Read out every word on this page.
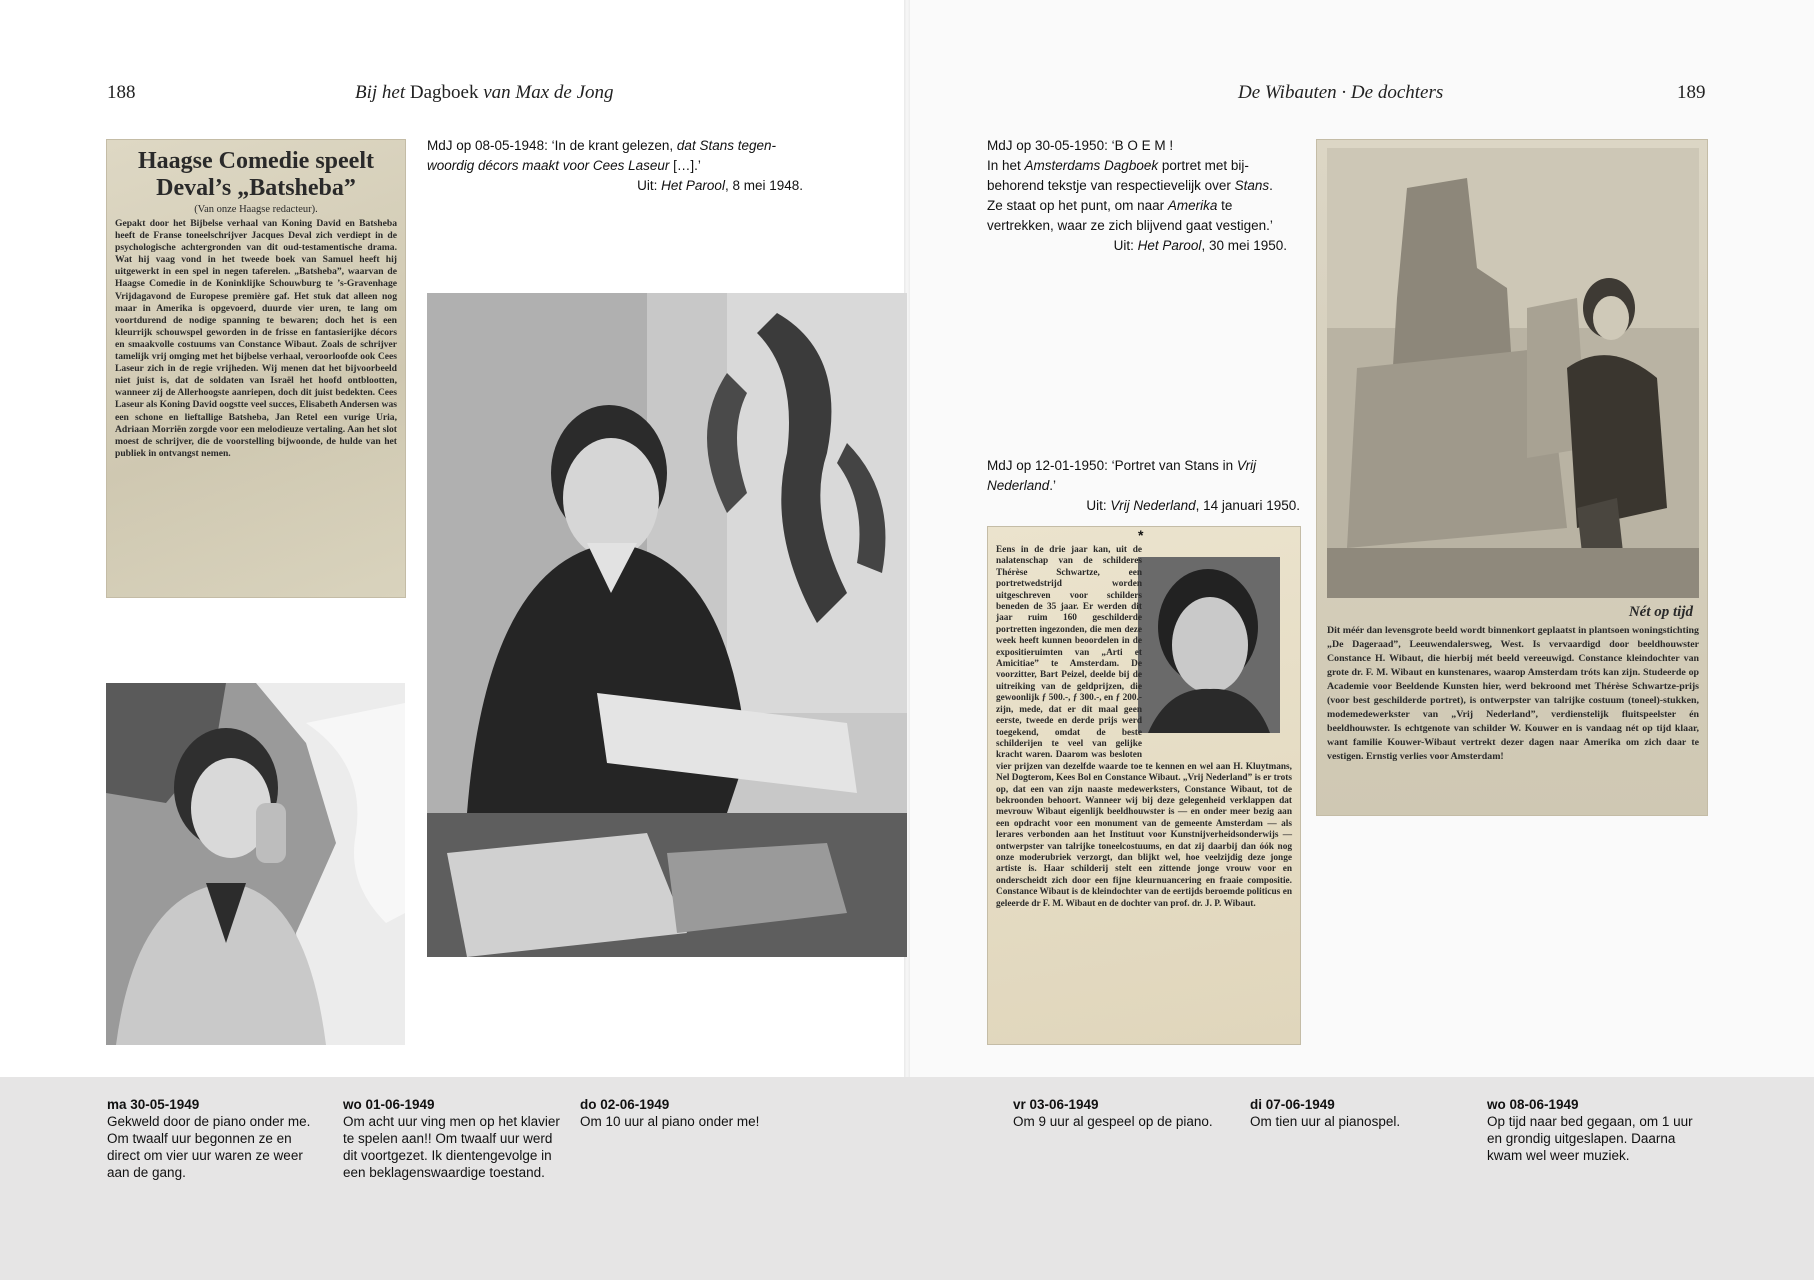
188	Bij het Dagboek van Max de Jong	De Wibauten · De dochters	189
MdJ op 08-05-1948: ‘In de krant gelezen, dat Stans tegen-
woordig décors maakt voor Cees Laseur […].’
Uit: Het Parool, 8 mei 1948.
Haagse Comedie speelt
Deval’s „Batsheba”
(Van onze Haagse redacteur).
Gepakt door het Bijbelse verhaal van Koning David en Batsheba heeft de Franse toneelschrijver Jacques Deval zich verdiept in de psychologische achtergronden van dit oud-testamentische drama. Wat hij vaag vond in het tweede boek van Samuel heeft hij uitgewerkt in een spel in negen taferelen. „Batsheba”, waarvan de Haagse Comedie in de Koninklijke Schouwburg te ’s-Gravenhage Vrijdagavond de Europese première gaf. Het stuk dat alleen nog maar in Amerika is opgevoerd, duurde vier uren, te lang om voortdurend de nodige spanning te bewaren; doch het is een kleurrijk schouwspel geworden in de frisse en fantasierijke décors en smaakvolle costuums van Constance Wibaut. Zoals de schrijver tamelijk vrij omging met het bijbelse verhaal, veroorloofde ook Cees Laseur zich in de regie vrijheden. Wij menen dat het bijvoorbeeld niet juist is, dat de soldaten van Israël het hoofd ontblootten, wanneer zij de Allerhoogste aanriepen, doch dit juist bedekten. Cees Laseur als Koning David oogstte veel succes, Elisabeth Andersen was een schone en lieftallige Batsheba, Jan Retel een vurige Uria, Adriaan Morriën zorgde voor een melodieuze vertaling. Aan het slot moest de schrijver, die de voorstelling bijwoonde, de hulde van het publiek in ontvangst nemen.
MdJ op 30-05-1950: ‘B O E M !
In het Amsterdams Dagboek portret met bij-
behorend tekstje van respectievelijk over Stans.
Ze staat op het punt, om naar Amerika te
vertrekken, waar ze zich blijvend gaat vestigen.’
Uit: Het Parool, 30 mei 1950.
MdJ op 12-01-1950: ‘Portret van Stans in Vrij
Nederland.’
Uit: Vrij Nederland, 14 januari 1950.
*
Eens in de drie jaar kan, uit de nalatenschap van de schilderes Thérèse Schwartze, een portretwedstrijd worden uitgeschreven voor schilders beneden de 35 jaar. Er werden dit jaar ruim 160 geschilderde portretten ingezonden, die men deze week heeft kunnen beoordelen in de expositieruimten van „Arti et Amicitiae” te Amsterdam. De voorzitter, Bart Peizel, deelde bij de uitreiking van de geldprijzen, die gewoonlijk ƒ 500.-, ƒ 300.-, en ƒ 200.- zijn, mede, dat er dit maal geen eerste, tweede en derde prijs werd toegekend, omdat de beste schilderijen te veel van gelijke kracht waren. Daarom was besloten vier prijzen van dezelfde waarde toe te kennen en wel aan H. Kluytmans, Nel Dogterom, Kees Bol en Constance Wibaut. „Vrij Nederland” is er trots op, dat een van zijn naaste medewerksters, Constance Wibaut, tot de bekroonden behoort. Wanneer wij bij deze gelegenheid verklappen dat mevrouw Wibaut eigenlijk beeldhouwster is — en onder meer bezig aan een opdracht voor een monument van de gemeente Amsterdam — als lerares verbonden aan het Instituut voor Kunstnijverheidsonderwijs — ontwerpster van talrijke toneelcostuums, en dat zij daarbij dan óók nog onze moderubriek verzorgt, dan blijkt wel, hoe veelzijdig deze jonge artiste is. Haar schilderij stelt een zittende jonge vrouw voor en onderscheidt zich door een fijne kleurnuancering en fraaie compositie. Constance Wibaut is de kleindochter van de eertijds beroemde politicus en geleerde dr F. M. Wibaut en de dochter van prof. dr. J. P. Wibaut.
Nét op tijd
Dit méér dan levensgrote beeld wordt binnenkort geplaatst in plantsoen woningstichting „De Dageraad”, Leeuwendalersweg, West. Is vervaardigd door beeldhouwster Constance H. Wibaut, die hierbij mét beeld vereeuwigd. Constance kleindochter van grote dr. F. M. Wibaut en kunstenares, waarop Amsterdam tróts kan zijn. Studeerde op Academie voor Beeldende Kunsten hier, werd bekroond met Thérèse Schwartze-prijs (voor best geschilderde portret), is ontwerpster van talrijke costuum (toneel)-stukken, modemedewerkster van „Vrij Nederland”, verdienstelijk fluitspeelster én beeldhouwster. Is echtgenote van schilder W. Kouwer en is vandaag nét op tijd klaar, want familie Kouwer-Wibaut vertrekt dezer dagen naar Amerika om zich daar te vestigen. Ernstig verlies voor Amsterdam!
ma 30-05-1949
Gekweld door de piano onder me. Om twaalf uur begonnen ze en direct om vier uur waren ze weer aan de gang.
wo 01-06-1949
Om acht uur ving men op het klavier te spelen aan!! Om twaalf uur werd dit voortgezet. Ik dientengevolge in een beklagenswaardige toestand.
do 02-06-1949
Om 10 uur al piano onder me!
vr 03-06-1949
Om 9 uur al gespeel op de piano.
di 07-06-1949
Om tien uur al pianospel.
wo 08-06-1949
Op tijd naar bed gegaan, om 1 uur en grondig uitgeslapen. Daarna kwam wel weer muziek.
